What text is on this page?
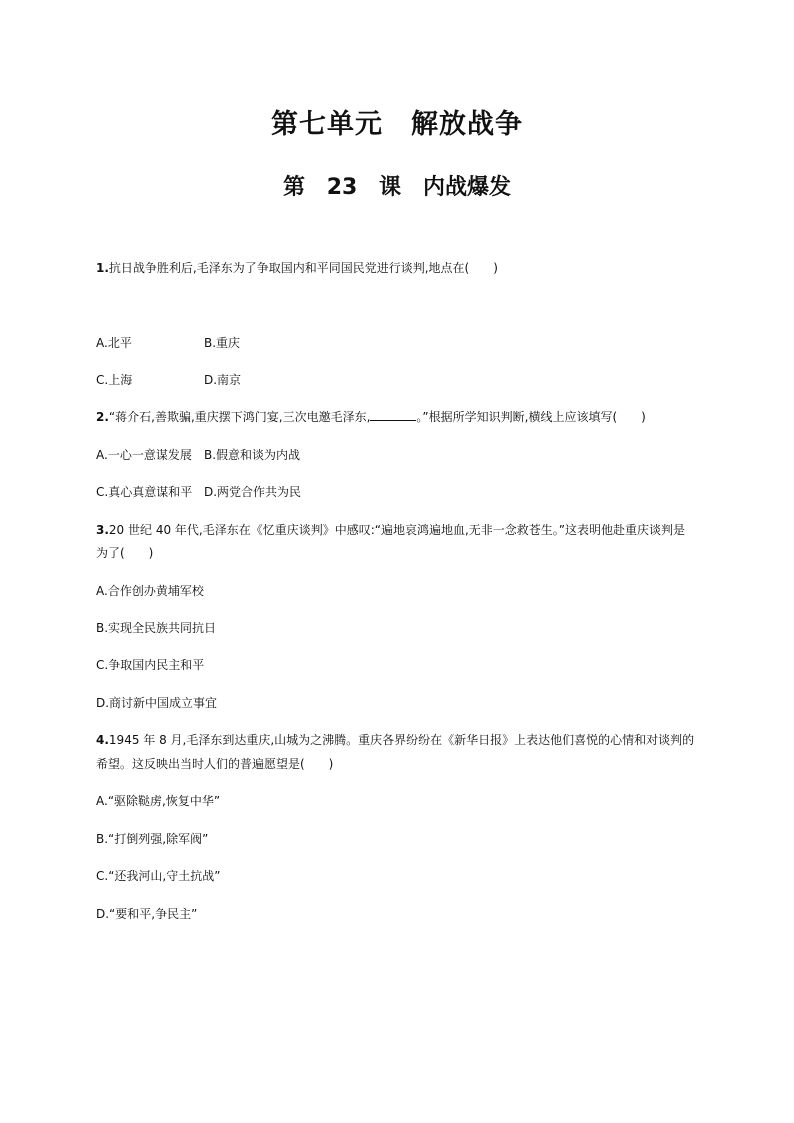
第七单元　解放战争
第 23 课　内战爆发
1.抗日战争胜利后,毛泽东为了争取国内和平同国民党进行谈判,地点在(　　)
A.北平	B.重庆
C.上海	D.南京
2.“蒋介石,善欺骗,重庆摆下鸿门宴,三次电邀毛泽东,	。”根据所学知识判断,横线上应该填写(　　)
A.一心一意谋发展 B.假意和谈为内战
C.真心真意谋和平 D.两党合作共为民
3.20 世纪 40 年代,毛泽东在《忆重庆谈判》中感叹:“遍地哀鸿遍地血,无非一念救苍生。”这表明他赴重庆谈判是
为了(　　)
A.合作创办黄埔军校
B.实现全民族共同抗日
C.争取国内民主和平
D.商讨新中国成立事宜
4.1945 年 8 月,毛泽东到达重庆,山城为之沸腾。重庆各界纷纷在《新华日报》上表达他们喜悦的心情和对谈判的
希望。这反映出当时人们的普遍愿望是(　　)
A.“驱除鞑虏,恢复中华”
B.“打倒列强,除军阀”
C.“还我河山,守土抗战”
D.“要和平,争民主”
